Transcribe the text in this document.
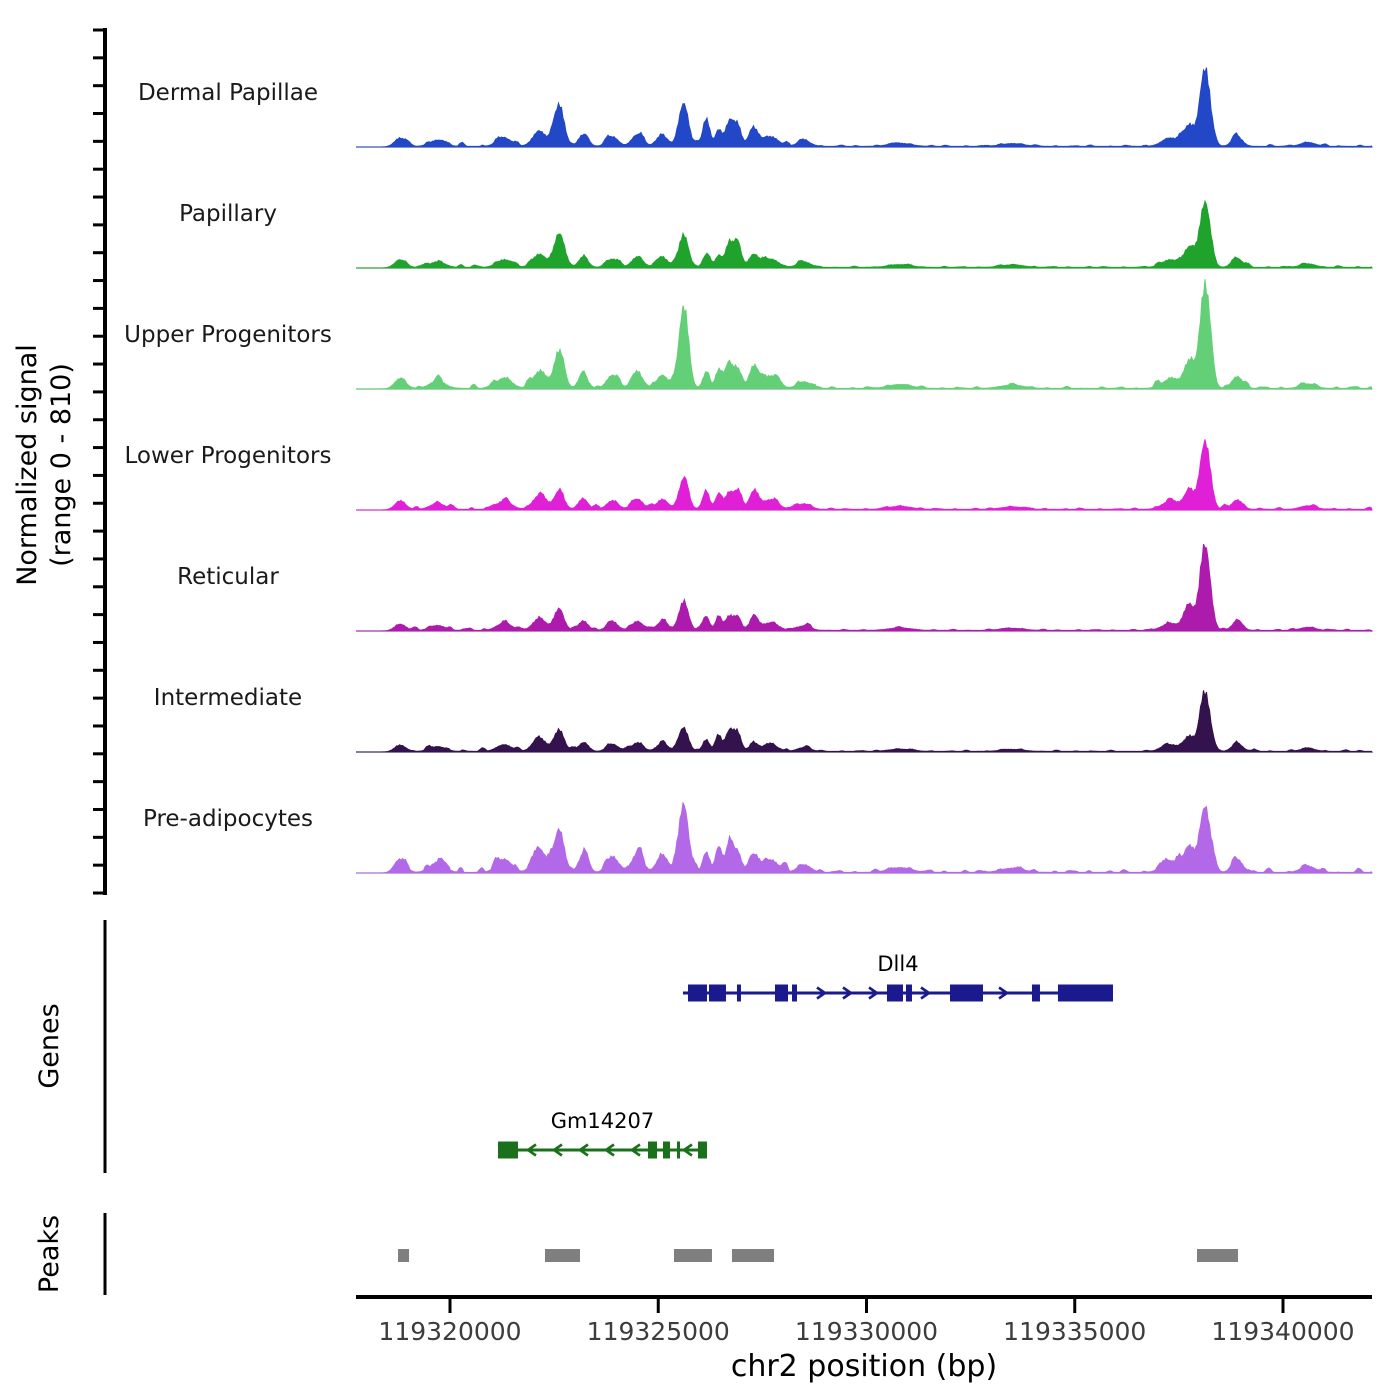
Dermal Papillae
Papillary
Upper Progenitors
Lower Progenitors
Reticular
Intermediate
Pre-adipocytes
Normalized signal (range 0 - 810)
Genes
Dll4
Gm14207
Peaks
119320000	119325000	119330000	119335000	119340000
chr2 position (bp)
